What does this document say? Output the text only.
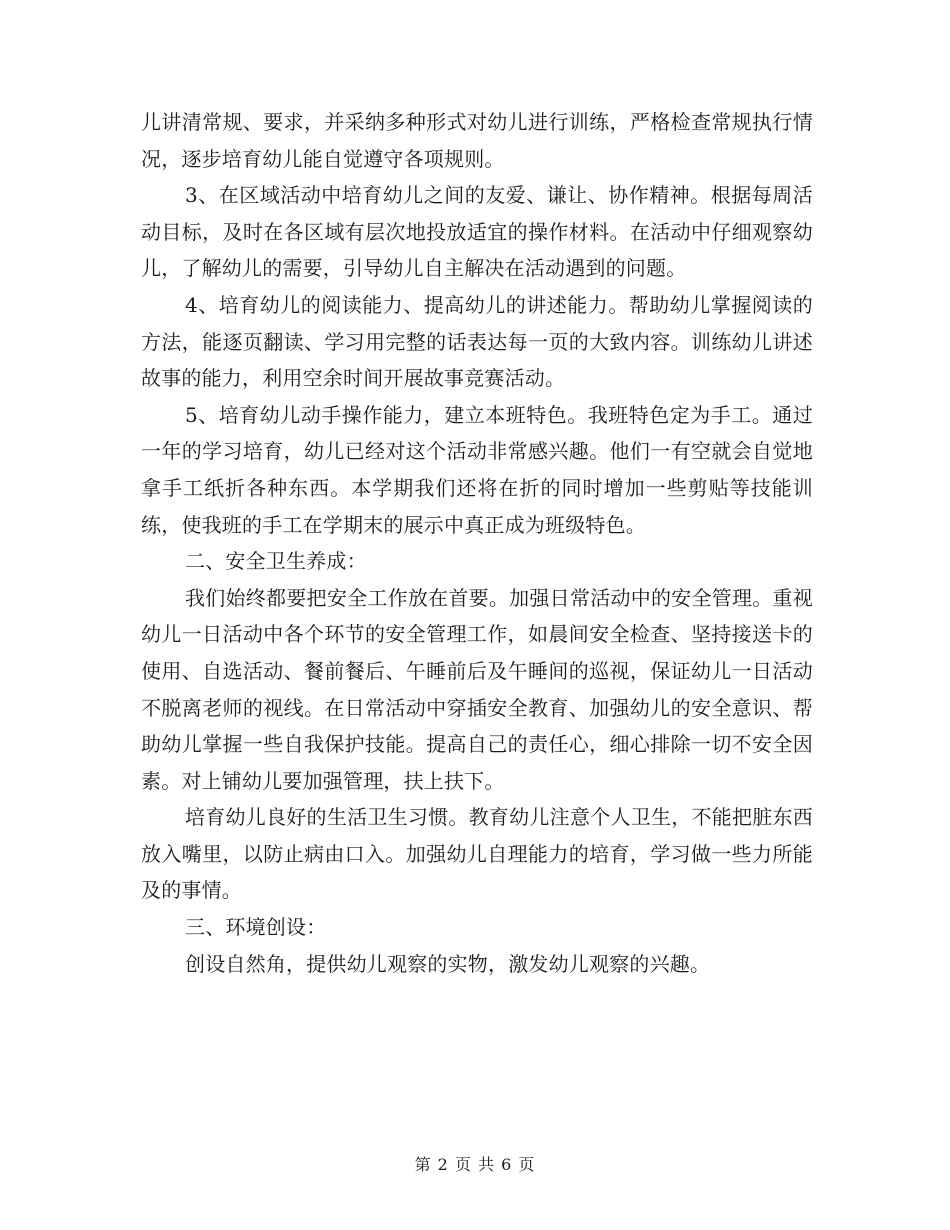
儿讲清常规、要求，并采纳多种形式对幼儿进行训练，严格检查常规执行情况，逐步培育幼儿能自觉遵守各项规则。

3、在区域活动中培育幼儿之间的友爱、谦让、协作精神。根据每周活动目标，及时在各区域有层次地投放适宜的操作材料。在活动中仔细观察幼儿，了解幼儿的需要，引导幼儿自主解决在活动遇到的问题。

4、培育幼儿的阅读能力、提高幼儿的讲述能力。帮助幼儿掌握阅读的方法，能逐页翻读、学习用完整的话表达每一页的大致内容。训练幼儿讲述故事的能力，利用空余时间开展故事竞赛活动。

5、培育幼儿动手操作能力，建立本班特色。我班特色定为手工。通过一年的学习培育，幼儿已经对这个活动非常感兴趣。他们一有空就会自觉地拿手工纸折各种东西。本学期我们还将在折的同时增加一些剪贴等技能训练，使我班的手工在学期末的展示中真正成为班级特色。

二、安全卫生养成：

我们始终都要把安全工作放在首要。加强日常活动中的安全管理。重视幼儿一日活动中各个环节的安全管理工作，如晨间安全检查、坚持接送卡的使用、自选活动、餐前餐后、午睡前后及午睡间的巡视，保证幼儿一日活动不脱离老师的视线。在日常活动中穿插安全教育、加强幼儿的安全意识、帮助幼儿掌握一些自我保护技能。提高自己的责任心，细心排除一切不安全因素。对上铺幼儿要加强管理，扶上扶下。

培育幼儿良好的生活卫生习惯。教育幼儿注意个人卫生，不能把脏东西放入嘴里，以防止病由口入。加强幼儿自理能力的培育，学习做一些力所能及的事情。

三、环境创设：

创设自然角，提供幼儿观察的实物，激发幼儿观察的兴趣。

第 2 页 共 6 页
